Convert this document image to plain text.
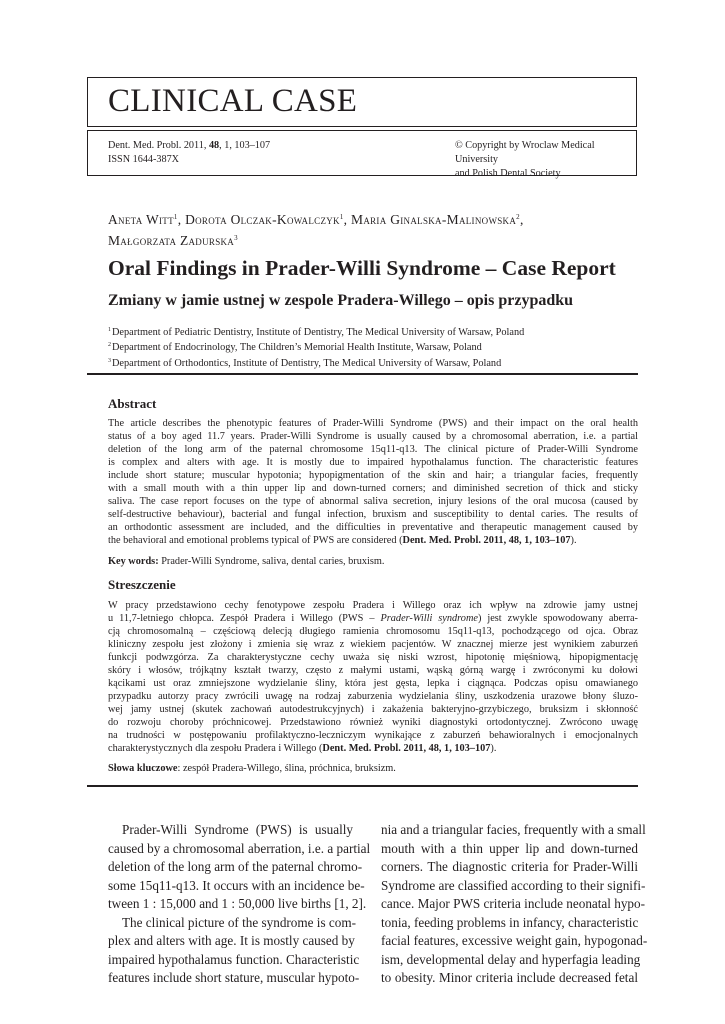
CLINICAL CASE
Dent. Med. Probl. 2011, 48, 1, 103–107
ISSN 1644-387X
© Copyright by Wroclaw Medical University
and Polish Dental Society
Aneta Witt$^1$, Dorota Olczak-Kowalczyk$^1$, Maria Ginalska-Malinowska$^2$,
Małgorzata Zadurska$^3$
Oral Findings in Prader-Willi Syndrome – Case Report
Zmiany w jamie ustnej w zespole Pradera-Willego – opis przypadku
$^1$Department of Pediatric Dentistry, Institute of Dentistry, The Medical University of Warsaw, Poland
$^2$Department of Endocrinology, The Children’s Memorial Health Institute, Warsaw, Poland
$^3$Department of Orthodontics, Institute of Dentistry, The Medical University of Warsaw, Poland
Abstract
The article describes the phenotypic features of Prader-Willi Syndrome (PWS) and their impact on the oral health
status of a boy aged 11.7 years. Prader-Willi Syndrome is usually caused by a chromosomal aberration, i.e. a partial
deletion of the long arm of the paternal chromosome 15q11-q13. The clinical picture of Prader-Willi Syndrome
is complex and alters with age. It is mostly due to impaired hypothalamus function. The characteristic features
include short stature; muscular hypotonia; hypopigmentation of the skin and hair; a triangular facies, frequently
with a small mouth with a thin upper lip and down-turned corners; and diminished secretion of thick and sticky
saliva. The case report focuses on the type of abnormal saliva secretion, injury lesions of the oral mucosa (caused by
self-destructive behaviour), bacterial and fungal infection, bruxism and susceptibility to dental caries. The results of
an orthodontic assessment are included, and the difficulties in preventative and therapeutic management caused by
the behavioral and emotional problems typical of PWS are considered (Dent. Med. Probl. 2011, 48, 1, 103–107).
Key words: Prader-Willi Syndrome, saliva, dental caries, bruxism.
Streszczenie
W pracy przedstawiono cechy fenotypowe zespołu Pradera i Willego oraz ich wpływ na zdrowie jamy ustnej
u 11,7-letniego chłopca. Zespół Pradera i Willego (PWS – Prader-Willi syndrome) jest zwykle spowodowany aberra-
cją chromosomalną – częściową delecją długiego ramienia chromosomu 15q11-q13, pochodzącego od ojca. Obraz
kliniczny zespołu jest złożony i zmienia się wraz z wiekiem pacjentów. W znacznej mierze jest wynikiem zaburzeń
funkcji podwzgórza. Za charakterystyczne cechy uważa się niski wzrost, hipotonię mięśniową, hipopigmentację
skóry i włosów, trójkątny kształt twarzy, często z małymi ustami, wąską górną wargę i zwróconymi ku dołowi
kącikami ust oraz zmniejszone wydzielanie śliny, która jest gęsta, lepka i ciągnąca. Podczas opisu omawianego
przypadku autorzy pracy zwrócili uwagę na rodzaj zaburzenia wydzielania śliny, uszkodzenia urazowe błony śluzo-
wej jamy ustnej (skutek zachowań autodestrukcyjnych) i zakażenia bakteryjno-grzybiczego, bruksizm i skłonność
do rozwoju choroby próchnicowej. Przedstawiono również wyniki diagnostyki ortodontycznej. Zwrócono uwagę
na trudności w postępowaniu profilaktyczno-leczniczym wynikające z zaburzeń behawioralnych i emocjonalnych
charakterystycznych dla zespołu Pradera i Willego (Dent. Med. Probl. 2011, 48, 1, 103–107).
Słowa kluczowe: zespół Pradera-Willego, ślina, próchnica, bruksizm.
Prader-Willi Syndrome (PWS) is usually
caused by a chromosomal aberration, i.e. a partial
deletion of the long arm of the paternal chromo-
some 15q11-q13. It occurs with an incidence be-
tween 1 : 15,000 and 1 : 50,000 live births [1, 2].
The clinical picture of the syndrome is com-
plex and alters with age. It is mostly caused by
impaired hypothalamus function. Characteristic
features include short stature, muscular hypoto-
nia and a triangular facies, frequently with a small
mouth with a thin upper lip and down-turned
corners. The diagnostic criteria for Prader-Willi
Syndrome are classified according to their signifi-
cance. Major PWS criteria include neonatal hypo-
tonia, feeding problems in infancy, characteristic
facial features, excessive weight gain, hypogonad-
ism, developmental delay and hyperfagia leading
to obesity. Minor criteria include decreased fetal
